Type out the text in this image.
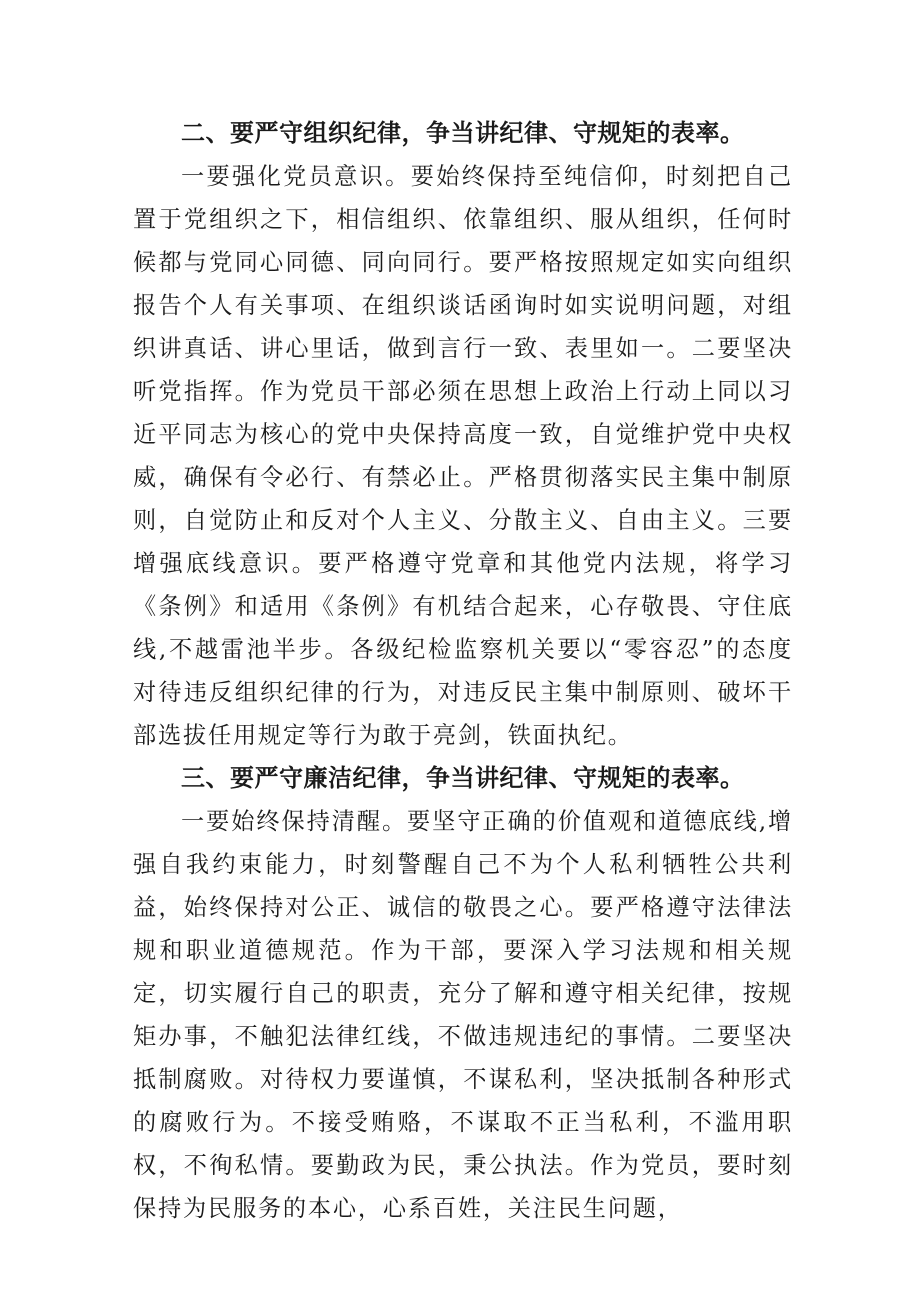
二、要严守组织纪律，争当讲纪律、守规矩的表率。

一要强化党员意识。要始终保持至纯信仰，时刻把自己置于党组织之下，相信组织、依靠组织、服从组织，任何时候都与党同心同德、同向同行。要严格按照规定如实向组织报告个人有关事项、在组织谈话函询时如实说明问题，对组织讲真话、讲心里话，做到言行一致、表里如一。二要坚决听党指挥。作为党员干部必须在思想上政治上行动上同以习近平同志为核心的党中央保持高度一致，自觉维护党中央权威，确保有令必行、有禁必止。严格贯彻落实民主集中制原则，自觉防止和反对个人主义、分散主义、自由主义。三要增强底线意识。要严格遵守党章和其他党内法规，将学习《条例》和适用《条例》有机结合起来，心存敬畏、守住底线,不越雷池半步。各级纪检监察机关要以“零容忍”的态度对待违反组织纪律的行为，对违反民主集中制原则、破坏干部选拔任用规定等行为敢于亮剑，铁面执纪。

三、要严守廉洁纪律，争当讲纪律、守规矩的表率。

一要始终保持清醒。要坚守正确的价值观和道德底线,增强自我约束能力，时刻警醒自己不为个人私利牺牲公共利益，始终保持对公正、诚信的敬畏之心。要严格遵守法律法规和职业道德规范。作为干部，要深入学习法规和相关规定，切实履行自己的职责，充分了解和遵守相关纪律，按规矩办事，不触犯法律红线，不做违规违纪的事情。二要坚决抵制腐败。对待权力要谨慎，不谋私利，坚决抵制各种形式的腐败行为。不接受贿赂，不谋取不正当私利，不滥用职权，不徇私情。要勤政为民，秉公执法。作为党员，要时刻保持为民服务的本心，心系百姓，关注民生问题，
